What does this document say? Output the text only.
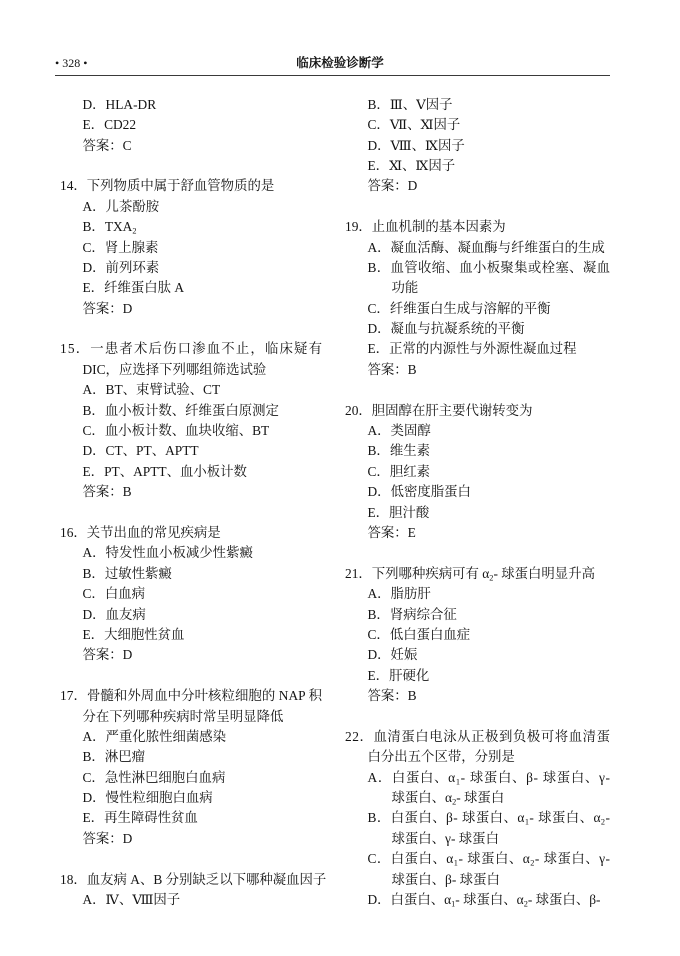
• 328 •	临床检验诊断学
D．HLA-DR
E．CD22
答案：C
14．下列物质中属于舒血管物质的是
A．儿茶酚胺
B．$TXA_2$
C．肾上腺素
D．前列环素
E．纤维蛋白肽 A
答案：D
15．一患者术后伤口渗血不止，临床疑有
DIC，应选择下列哪组筛选试验
A．BT、束臂试验、CT
B．血小板计数、纤维蛋白原测定
C．血小板计数、血块收缩、BT
D．CT、PT、APTT
E．PT、APTT、血小板计数
答案：B
16．关节出血的常见疾病是
A．特发性血小板减少性紫癜
B．过敏性紫癜
C．白血病
D．血友病
E．大细胞性贫血
答案：D
17．骨髓和外周血中分叶核粒细胞的 NAP 积
分在下列哪种疾病时常呈明显降低
A．严重化脓性细菌感染
B．淋巴瘤
C．急性淋巴细胞白血病
D．慢性粒细胞白血病
E．再生障碍性贫血
答案：D
18．血友病 A、B 分别缺乏以下哪种凝血因子
A．Ⅳ、Ⅷ因子
B．Ⅲ、Ⅴ因子
C．Ⅶ、Ⅺ因子
D．Ⅷ、Ⅸ因子
E．Ⅺ、Ⅸ因子
答案：D
19．止血机制的基本因素为
A．凝血活酶、凝血酶与纤维蛋白的生成
B．血管收缩、血小板聚集或栓塞、凝血
功能
C．纤维蛋白生成与溶解的平衡
D．凝血与抗凝系统的平衡
E．正常的内源性与外源性凝血过程
答案：B
20．胆固醇在肝主要代谢转变为
A．类固醇
B．维生素
C．胆红素
D．低密度脂蛋白
E．胆汁酸
答案：E
21．下列哪种疾病可有 $\alpha_2-$ 球蛋白明显升高
A．脂肪肝
B．肾病综合征
C．低白蛋白血症
D．妊娠
E．肝硬化
答案：B
22．血清蛋白电泳从正极到负极可将血清蛋
白分出五个区带，分别是
A．白蛋白、$\alpha_1-$ 球蛋白、β- 球蛋白、γ-
球蛋白、$\alpha_2-$ 球蛋白
B．白蛋白、β- 球蛋白、$\alpha_1-$ 球蛋白、$\alpha_2-$
球蛋白、γ- 球蛋白
C．白蛋白、$\alpha_1-$ 球蛋白、$\alpha_2-$ 球蛋白、γ-
球蛋白、β- 球蛋白
D．白蛋白、$\alpha_1-$ 球蛋白、$\alpha_2-$ 球蛋白、β-
